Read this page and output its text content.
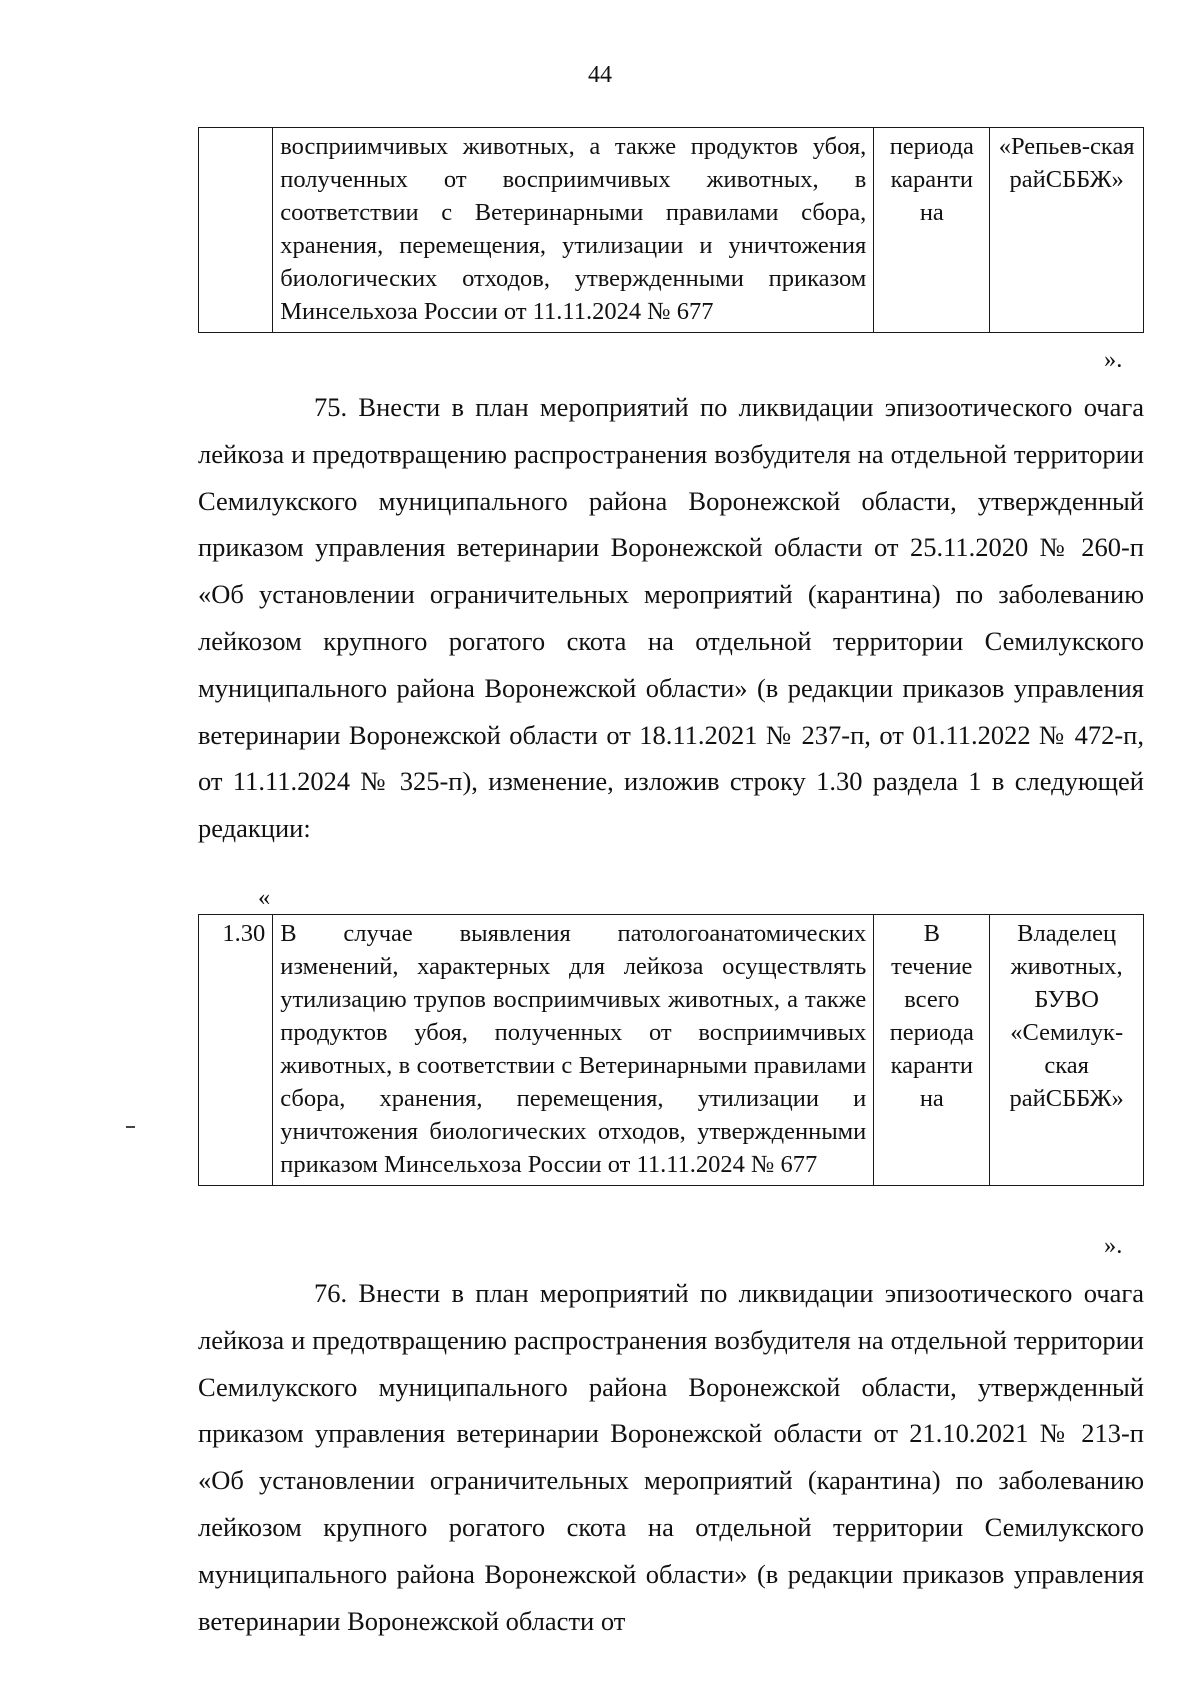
44
	восприимчивых животных, а также продуктов убоя, полученных от восприимчивых животных, в соответствии с Ветеринарными правилами сбора, хранения, перемещения, утилизации и уничтожения биологических отходов, утвержденными приказом Минсельхоза России от 11.11.2024 № 677	периода каранти на	«Репьев-ская райСББЖ»
».

75. Внести в план мероприятий по ликвидации эпизоотического очага лейкоза и предотвращению распространения возбудителя на отдельной территории Семилукского муниципального района Воронежской области, утвержденный приказом управления ветеринарии Воронежской области от 25.11.2020 № 260-п «Об установлении ограничительных мероприятий (карантина) по заболеванию лейкозом крупного рогатого скота на отдельной территории Семилукского муниципального района Воронежской области» (в редакции приказов управления ветеринарии Воронежской области от 18.11.2021 № 237-п, от 01.11.2022 № 472-п, от 11.11.2024 № 325-п), изменение, изложив строку 1.30 раздела 1 в следующей редакции:

«
1.30	В случае выявления патологоанатомических изменений, характерных для лейкоза осуществлять утилизацию трупов восприимчивых животных, а также продуктов убоя, полученных от восприимчивых животных, в соответствии с Ветеринарными правилами сбора, хранения, перемещения, утилизации и уничтожения биологических отходов, утвержденными приказом Минсельхоза России от 11.11.2024 № 677	В течение всего периода каранти на	Владелец животных, БУВО «Семилук-ская райСББЖ»
».

76. Внести в план мероприятий по ликвидации эпизоотического очага лейкоза и предотвращению распространения возбудителя на отдельной территории Семилукского муниципального района Воронежской области, утвержденный приказом управления ветеринарии Воронежской области от 21.10.2021 № 213-п «Об установлении ограничительных мероприятий (карантина) по заболеванию лейкозом крупного рогатого скота на отдельной территории Семилукского муниципального района Воронежской области» (в редакции приказов управления ветеринарии Воронежской области от
